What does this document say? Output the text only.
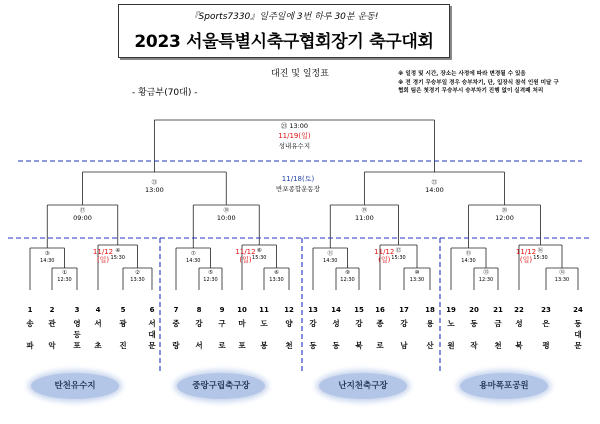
『Sports7330』일주일에 3번 하루 30분 운동!
2023 서울특별시축구협회장기 축구대회
대진 및 일정표
- 황금부(70대) -
※ 일정 및 시간, 장소는 사정에 따라 변경될 수 있음
※ 전 경기 무승부일 경우 승부차기, 단, 입장식 참석 인원 미달 구
협회 팀은 첫경기 무승부시 승부차기 진행 없이 실격패 처리
1
송
파
2
관
악
3
영
등
포
4
서
초
5
광
진
6
서
대
문
7
중
랑
8
강
서
9
구
로
10
마
포
11
도
봉
12
양
천
13
강
동
14
성
동
15
강
북
16
종
로
17
강
남
18
용
산
19
노
원
20
동
작
21
금
천
22
성
북
23
은
평
24
동
대
문
①
12:30
②
13:30
③
14:30
④
15:30
⑰
09:00
11/12
(일)
⑤
12:30
⑥
13:30
⑦
14:30
⑧
15:30
⑱
10:00
11/12
(일)
⑨
12:30
⑩
13:30
⑪
14:30
⑫
15:30
⑲
11:00
11/12
(일)
⑬
12:30
⑭
13:30
⑮
14:30
⑯
15:30
⑳
12:00
11/12
(일)
㉑
13:00
㉒
14:00
11/18(토)
반포종합운동장
㉓ 13:00
11/19(일)
성내유수지
탄천유수지	중랑구립축구장	난지천축구장	용마폭포공원
